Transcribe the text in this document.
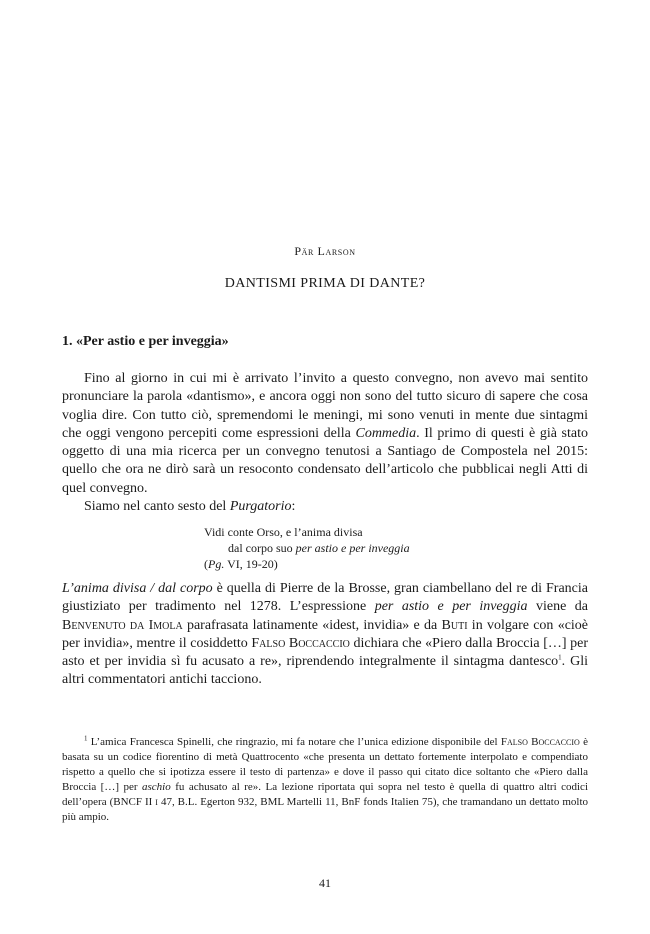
Pär Larson
DANTISMI PRIMA DI DANTE?
1. «Per astio e per inveggia»

Fino al giorno in cui mi è arrivato l’invito a questo convegno, non avevo mai sentito pronunciare la parola «dantismo», e ancora oggi non sono del tutto sicuro di sapere che cosa voglia dire. Con tutto ciò, spremendomi le meningi, mi sono venuti in mente due sintagmi che oggi vengono percepiti come espressioni della Commedia. Il primo di questi è già stato oggetto di una mia ricerca per un convegno tenutosi a Santiago de Compostela nel 2015: quello che ora ne dirò sarà un resoconto condensato dell’articolo che pubblicai negli Atti di quel convegno.

Siamo nel canto sesto del Purgatorio:

Vidi conte Orso, e l’anima divisa
dal corpo suo per astio e per inveggia
(Pg. VI, 19-20)

L’anima divisa / dal corpo è quella di Pierre de la Brosse, gran ciambellano del re di Francia giustiziato per tradimento nel 1278. L’espressione per astio e per inveggia viene da Benvenuto da Imola parafrasata latinamente «idest, invidia» e da Buti in volgare con «cioè per invidia», mentre il cosiddetto Falso Boccaccio dichiara che «Piero dalla Broccia […] per asto et per invidia sì fu acusato a re», riprendendo integralmente il sintagma dantesco$^1$. Gli altri commentatori antichi tacciono.

$^1$ L’amica Francesca Spinelli, che ringrazio, mi fa notare che l’unica edizione disponibile del Falso Boccaccio è basata su un codice fiorentino di metà Quattrocento «che presenta un dettato fortemente interpolato e compendiato rispetto a quello che si ipotizza essere il testo di partenza» e dove il passo qui citato dice soltanto che «Piero dalla Broccia […] per aschio fu achusato al re». La lezione riportata qui sopra nel testo è quella di quattro altri codici dell’opera (BNCF II i 47, B.L. Egerton 932, BML Martelli 11, BnF fonds Italien 75), che tramandano un dettato molto più ampio.

41
